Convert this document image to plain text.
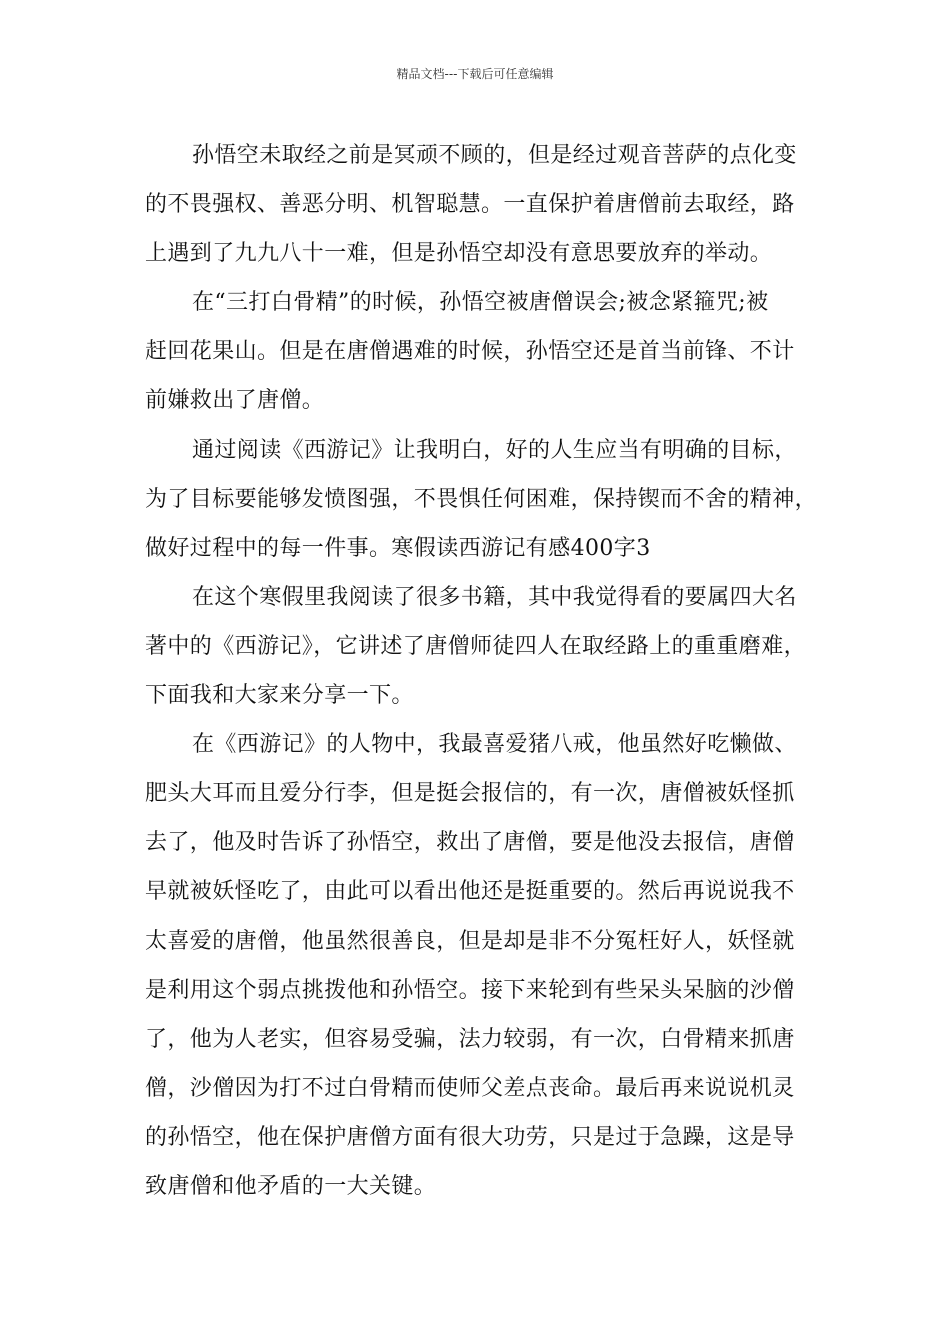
精品文档---下载后可任意编辑
孙悟空未取经之前是冥顽不顾的，但是经过观音菩萨的点化变
的不畏强权、善恶分明、机智聪慧。一直保护着唐僧前去取经，路
上遇到了九九八十一难，但是孙悟空却没有意思要放弃的举动。
在“三打白骨精”的时候，孙悟空被唐僧误会;被念紧箍咒;被
赶回花果山。但是在唐僧遇难的时候，孙悟空还是首当前锋、不计
前嫌救出了唐僧。
通过阅读《西游记》让我明白，好的人生应当有明确的目标，
为了目标要能够发愤图强，不畏惧任何困难，保持锲而不舍的精神，
做好过程中的每一件事。寒假读西游记有感400字3
在这个寒假里我阅读了很多书籍，其中我觉得看的要属四大名
著中的《西游记》，它讲述了唐僧师徒四人在取经路上的重重磨难，
下面我和大家来分享一下。
在《西游记》的人物中，我最喜爱猪八戒，他虽然好吃懒做、
肥头大耳而且爱分行李，但是挺会报信的，有一次，唐僧被妖怪抓
去了，他及时告诉了孙悟空，救出了唐僧，要是他没去报信，唐僧
早就被妖怪吃了，由此可以看出他还是挺重要的。然后再说说我不
太喜爱的唐僧，他虽然很善良，但是却是非不分冤枉好人，妖怪就
是利用这个弱点挑拨他和孙悟空。接下来轮到有些呆头呆脑的沙僧
了，他为人老实，但容易受骗，法力较弱，有一次，白骨精来抓唐
僧，沙僧因为打不过白骨精而使师父差点丧命。最后再来说说机灵
的孙悟空，他在保护唐僧方面有很大功劳，只是过于急躁，这是导
致唐僧和他矛盾的一大关键。
